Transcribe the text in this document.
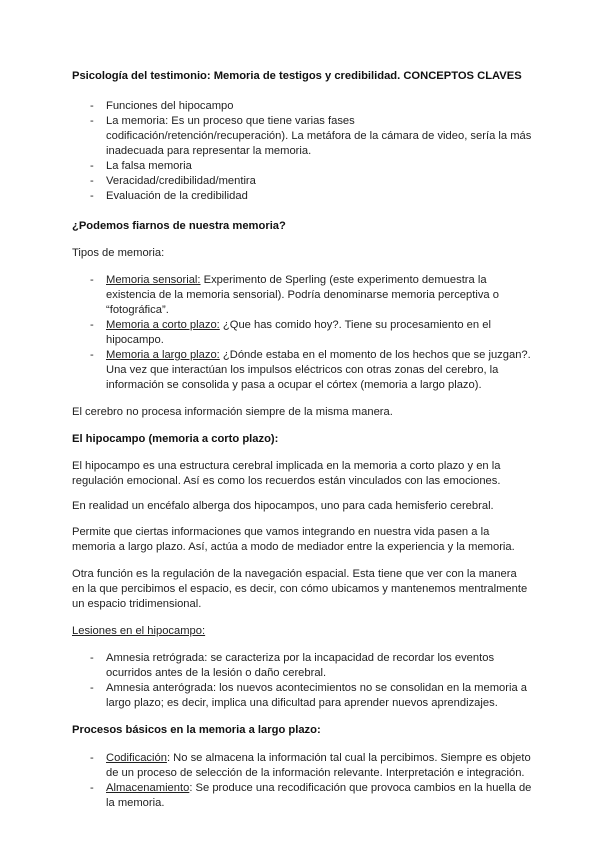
Psicología del testimonio: Memoria de testigos y credibilidad. CONCEPTOS CLAVES
- Funciones del hipocampo
- La memoria: Es un proceso que tiene varias fases codificación/retención/recuperación). La metáfora de la cámara de video, sería la más inadecuada para representar la memoria.
- La falsa memoria
- Veracidad/credibilidad/mentira
- Evaluación de la credibilidad
¿Podemos fiarnos de nuestra memoria?

Tipos de memoria:

- Memoria sensorial: Experimento de Sperling (este experimento demuestra la existencia de la memoria sensorial). Podría denominarse memoria perceptiva o “fotográfica”.
- Memoria a corto plazo: ¿Que has comido hoy?. Tiene su procesamiento en el hipocampo.
- Memoria a largo plazo: ¿Dónde estaba en el momento de los hechos que se juzgan?. Una vez que interactúan los impulsos eléctricos con otras zonas del cerebro, la información se consolida y pasa a ocupar el córtex (memoria a largo plazo).

El cerebro no procesa información siempre de la misma manera.

El hipocampo (memoria a corto plazo):

El hipocampo es una estructura cerebral implicada en la memoria a corto plazo y en la regulación emocional. Así es como los recuerdos están vinculados con las emociones.

En realidad un encéfalo alberga dos hipocampos, uno para cada hemisferio cerebral.

Permite que ciertas informaciones que vamos integrando en nuestra vida pasen a la memoria a largo plazo. Así, actúa a modo de mediador entre la experiencia y la memoria.

Otra función es la regulación de la navegación espacial. Esta tiene que ver con la manera en la que percibimos el espacio, es decir, con cómo ubicamos y mantenemos mentralmente un espacio tridimensional.

Lesiones en el hipocampo:

- Amnesia retrógrada: se caracteriza por la incapacidad de recordar los eventos ocurridos antes de la lesión o daño cerebral.
- Amnesia anterógrada: los nuevos acontecimientos no se consolidan en la memoria a largo plazo; es decir, implica una dificultad para aprender nuevos aprendizajes.
Procesos básicos en la memoria a largo plazo:
- Codificación: No se almacena la información tal cual la percibimos. Siempre es objeto de un proceso de selección de la información relevante. Interpretación e integración.
- Almacenamiento: Se produce una recodificación que provoca cambios en la huella de la memoria.
